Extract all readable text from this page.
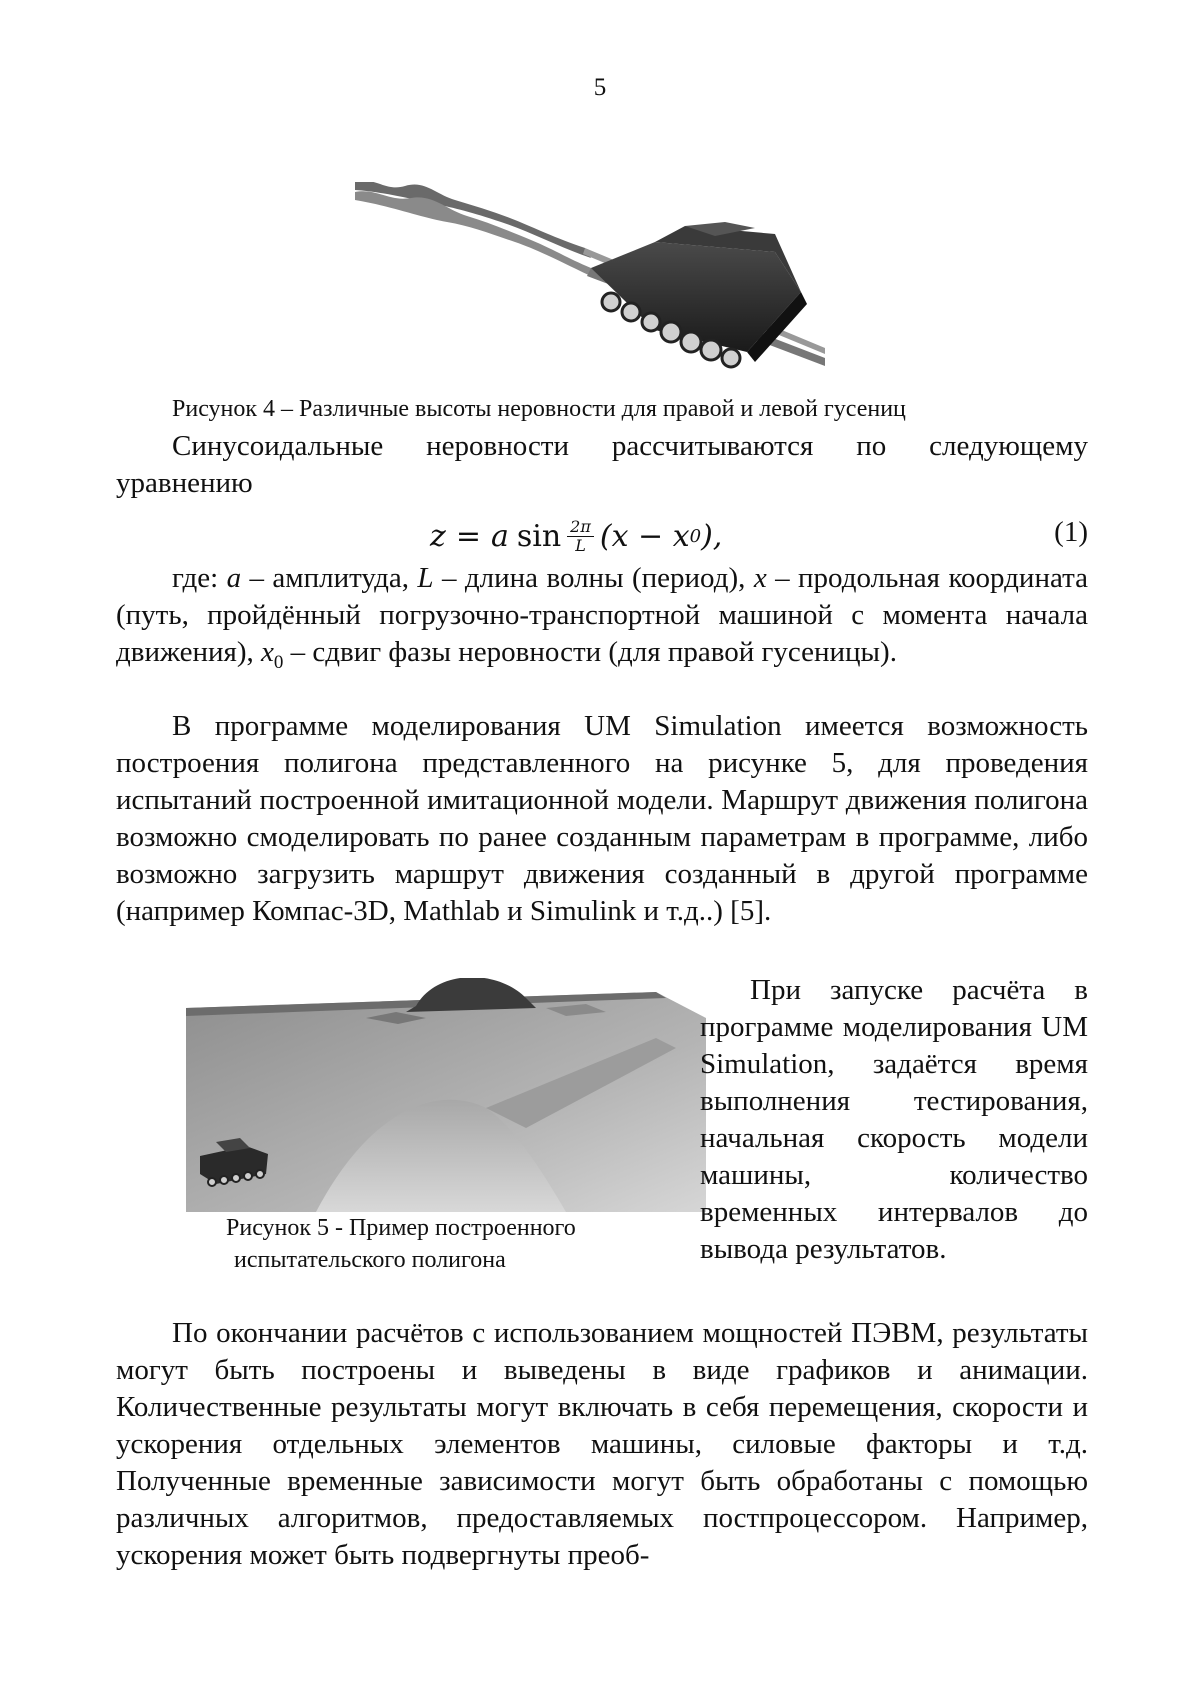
5
Рисунок 4 – Различные высоты неровности для правой и левой гусениц

Синусоидальные неровности рассчитываются по следующему уравнению

z = a $\sin \frac{2\pi}{L} (x - x$ 0 ),	(1)

где: a – амплитуда, L – длина волны (период), x – продольная координата (путь, пройдённый погрузочно-транспортной машиной с момента начала движения), $x_0$ – сдвиг фазы неровности (для правой гусеницы).

В программе моделирования UM Simulation имеется возможность построения полигона представленного на рисунке 5, для проведения испытаний построенной имитационной модели. Маршрут движения полигона возможно смоделировать по ранее созданным параметрам в программе, либо возможно загрузить маршрут движения созданный в другой программе (например Компас-3D, Mathlab и Simulink и т.д..) [5].

Рисунок 5 - Пример построенного
испытательского полигона

При запуске расчёта в программе моделирования UM Simulation, задаётся время выполнения тестирования, начальная скорость модели машины, количество временных интервалов до вывода результатов.

По окончании расчётов с использованием мощностей ПЭВМ, результаты могут быть построены и выведены в виде графиков и анимации. Количественные результаты могут включать в себя перемещения, скорости и ускорения отдельных элементов машины, силовые факторы и т.д. Полученные временные зависимости могут быть обработаны с помощью различных алгоритмов, предоставляемых постпроцессором. Например, ускорения может быть подвергнуты преоб-
